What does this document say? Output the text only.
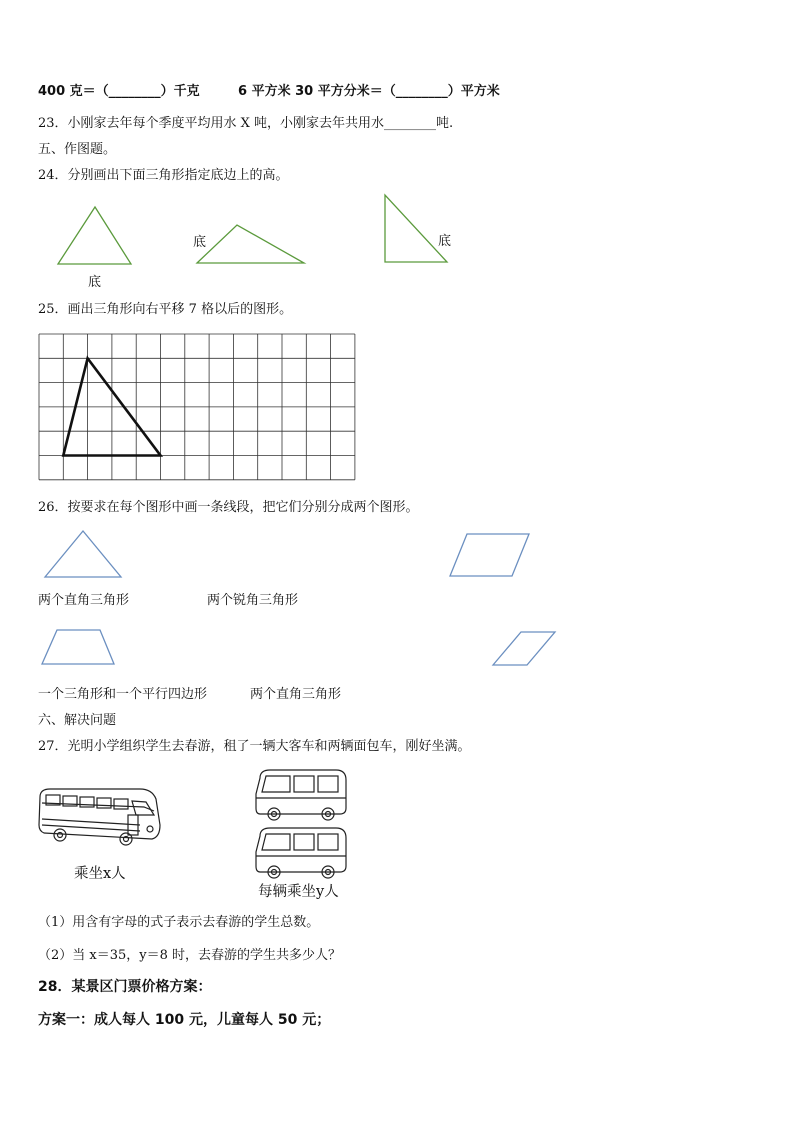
400 克＝（________）千克	6 平方米 30 平方分米＝（________）平方米
23．小刚家去年每个季度平均用水 X 吨，小刚家去年共用水________吨.
五、作图题。
24．分别画出下面三角形指定底边上的高。
底
底	底
25．画出三角形向右平移 7 格以后的图形。
26．按要求在每个图形中画一条线段，把它们分别分成两个图形。
两个直角三角形	两个锐角三角形
一个三角形和一个平行四边形	两个直角三角形
六、解决问题
27．光明小学组织学生去春游，租了一辆大客车和两辆面包车，刚好坐满。
乘坐x人
每辆乘坐y人
（1）用含有字母的式子表示去春游的学生总数。
（2）当 x＝35，y＝8 时，去春游的学生共多少人？
28．某景区门票价格方案：
方案一：成人每人 100 元，儿童每人 50 元；
